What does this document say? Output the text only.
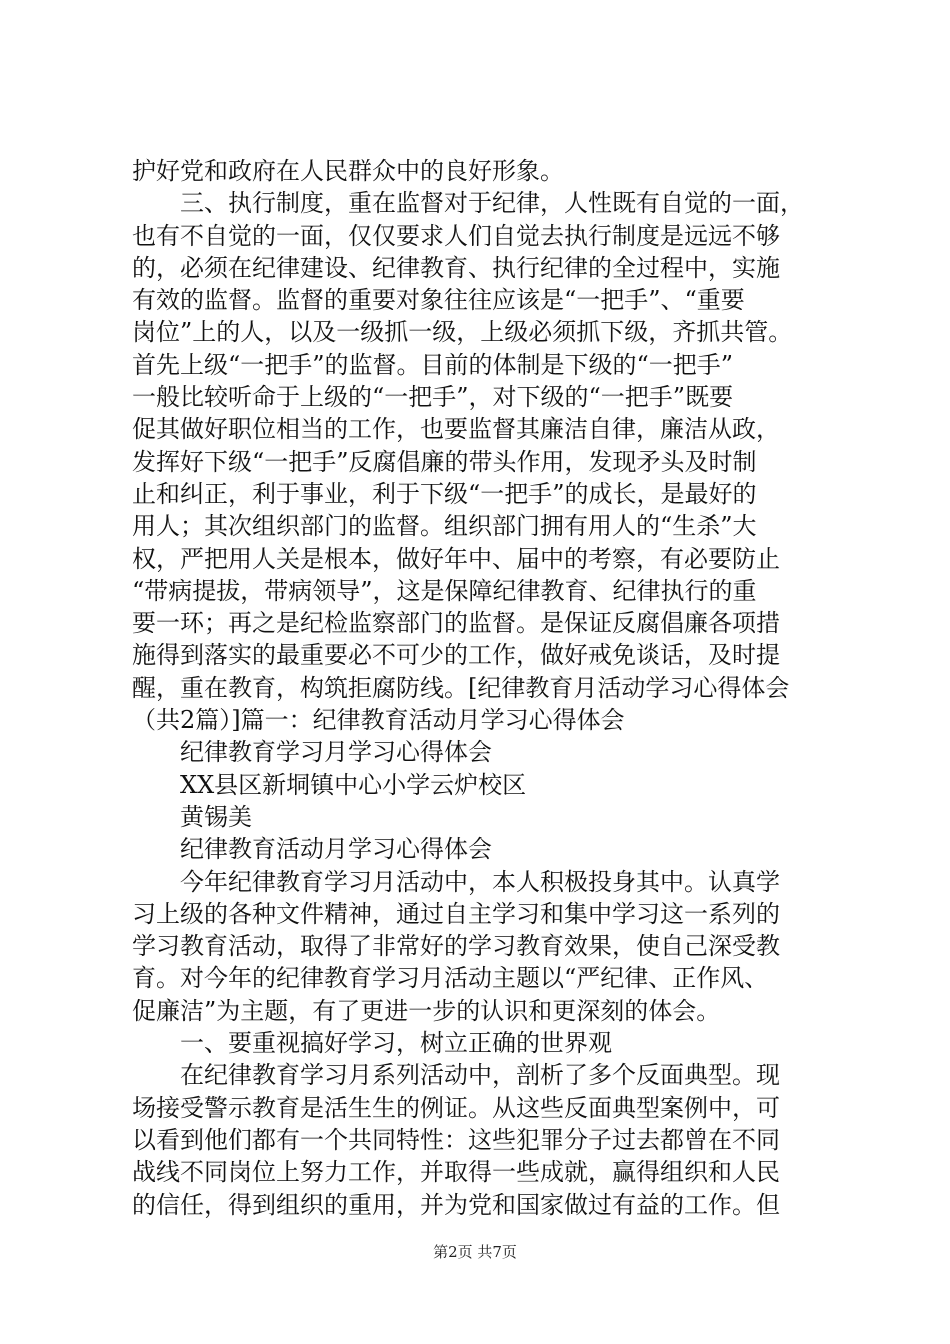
护好党和政府在人民群众中的良好形象。
三、执行制度，重在监督对于纪律，人性既有自觉的一面，
也有不自觉的一面，仅仅要求人们自觉去执行制度是远远不够
的，必须在纪律建设、纪律教育、执行纪律的全过程中，实施
有效的监督。监督的重要对象往往应该是“一把手”、“重要
岗位”上的人，以及一级抓一级，上级必须抓下级，齐抓共管。
首先上级“一把手”的监督。目前的体制是下级的“一把手”
一般比较听命于上级的“一把手”，对下级的“一把手”既要
促其做好职位相当的工作，也要监督其廉洁自律，廉洁从政，
发挥好下级“一把手”反腐倡廉的带头作用，发现矛头及时制
止和纠正，利于事业，利于下级“一把手”的成长，是最好的
用人；其次组织部门的监督。组织部门拥有用人的“生杀”大
权，严把用人关是根本，做好年中、届中的考察，有必要防止
“带病提拔，带病领导”，这是保障纪律教育、纪律执行的重
要一环；再之是纪检监察部门的监督。是保证反腐倡廉各项措
施得到落实的最重要必不可少的工作，做好戒免谈话，及时提
醒，重在教育，构筑拒腐防线。[纪律教育月活动学习心得体会
（共2篇）]篇一：纪律教育活动月学习心得体会
纪律教育学习月学习心得体会
XX县区新垌镇中心小学云炉校区
黄锡美
纪律教育活动月学习心得体会
今年纪律教育学习月活动中，本人积极投身其中。认真学
习上级的各种文件精神，通过自主学习和集中学习这一系列的
学习教育活动，取得了非常好的学习教育效果，使自己深受教
育。对今年的纪律教育学习月活动主题以“严纪律、正作风、
促廉洁”为主题，有了更进一步的认识和更深刻的体会。
一、要重视搞好学习，树立正确的世界观
在纪律教育学习月系列活动中，剖析了多个反面典型。现
场接受警示教育是活生生的例证。从这些反面典型案例中，可
以看到他们都有一个共同特性：这些犯罪分子过去都曾在不同
战线不同岗位上努力工作，并取得一些成就，赢得组织和人民
的信任，得到组织的重用，并为党和国家做过有益的工作。但
第2页 共7页
